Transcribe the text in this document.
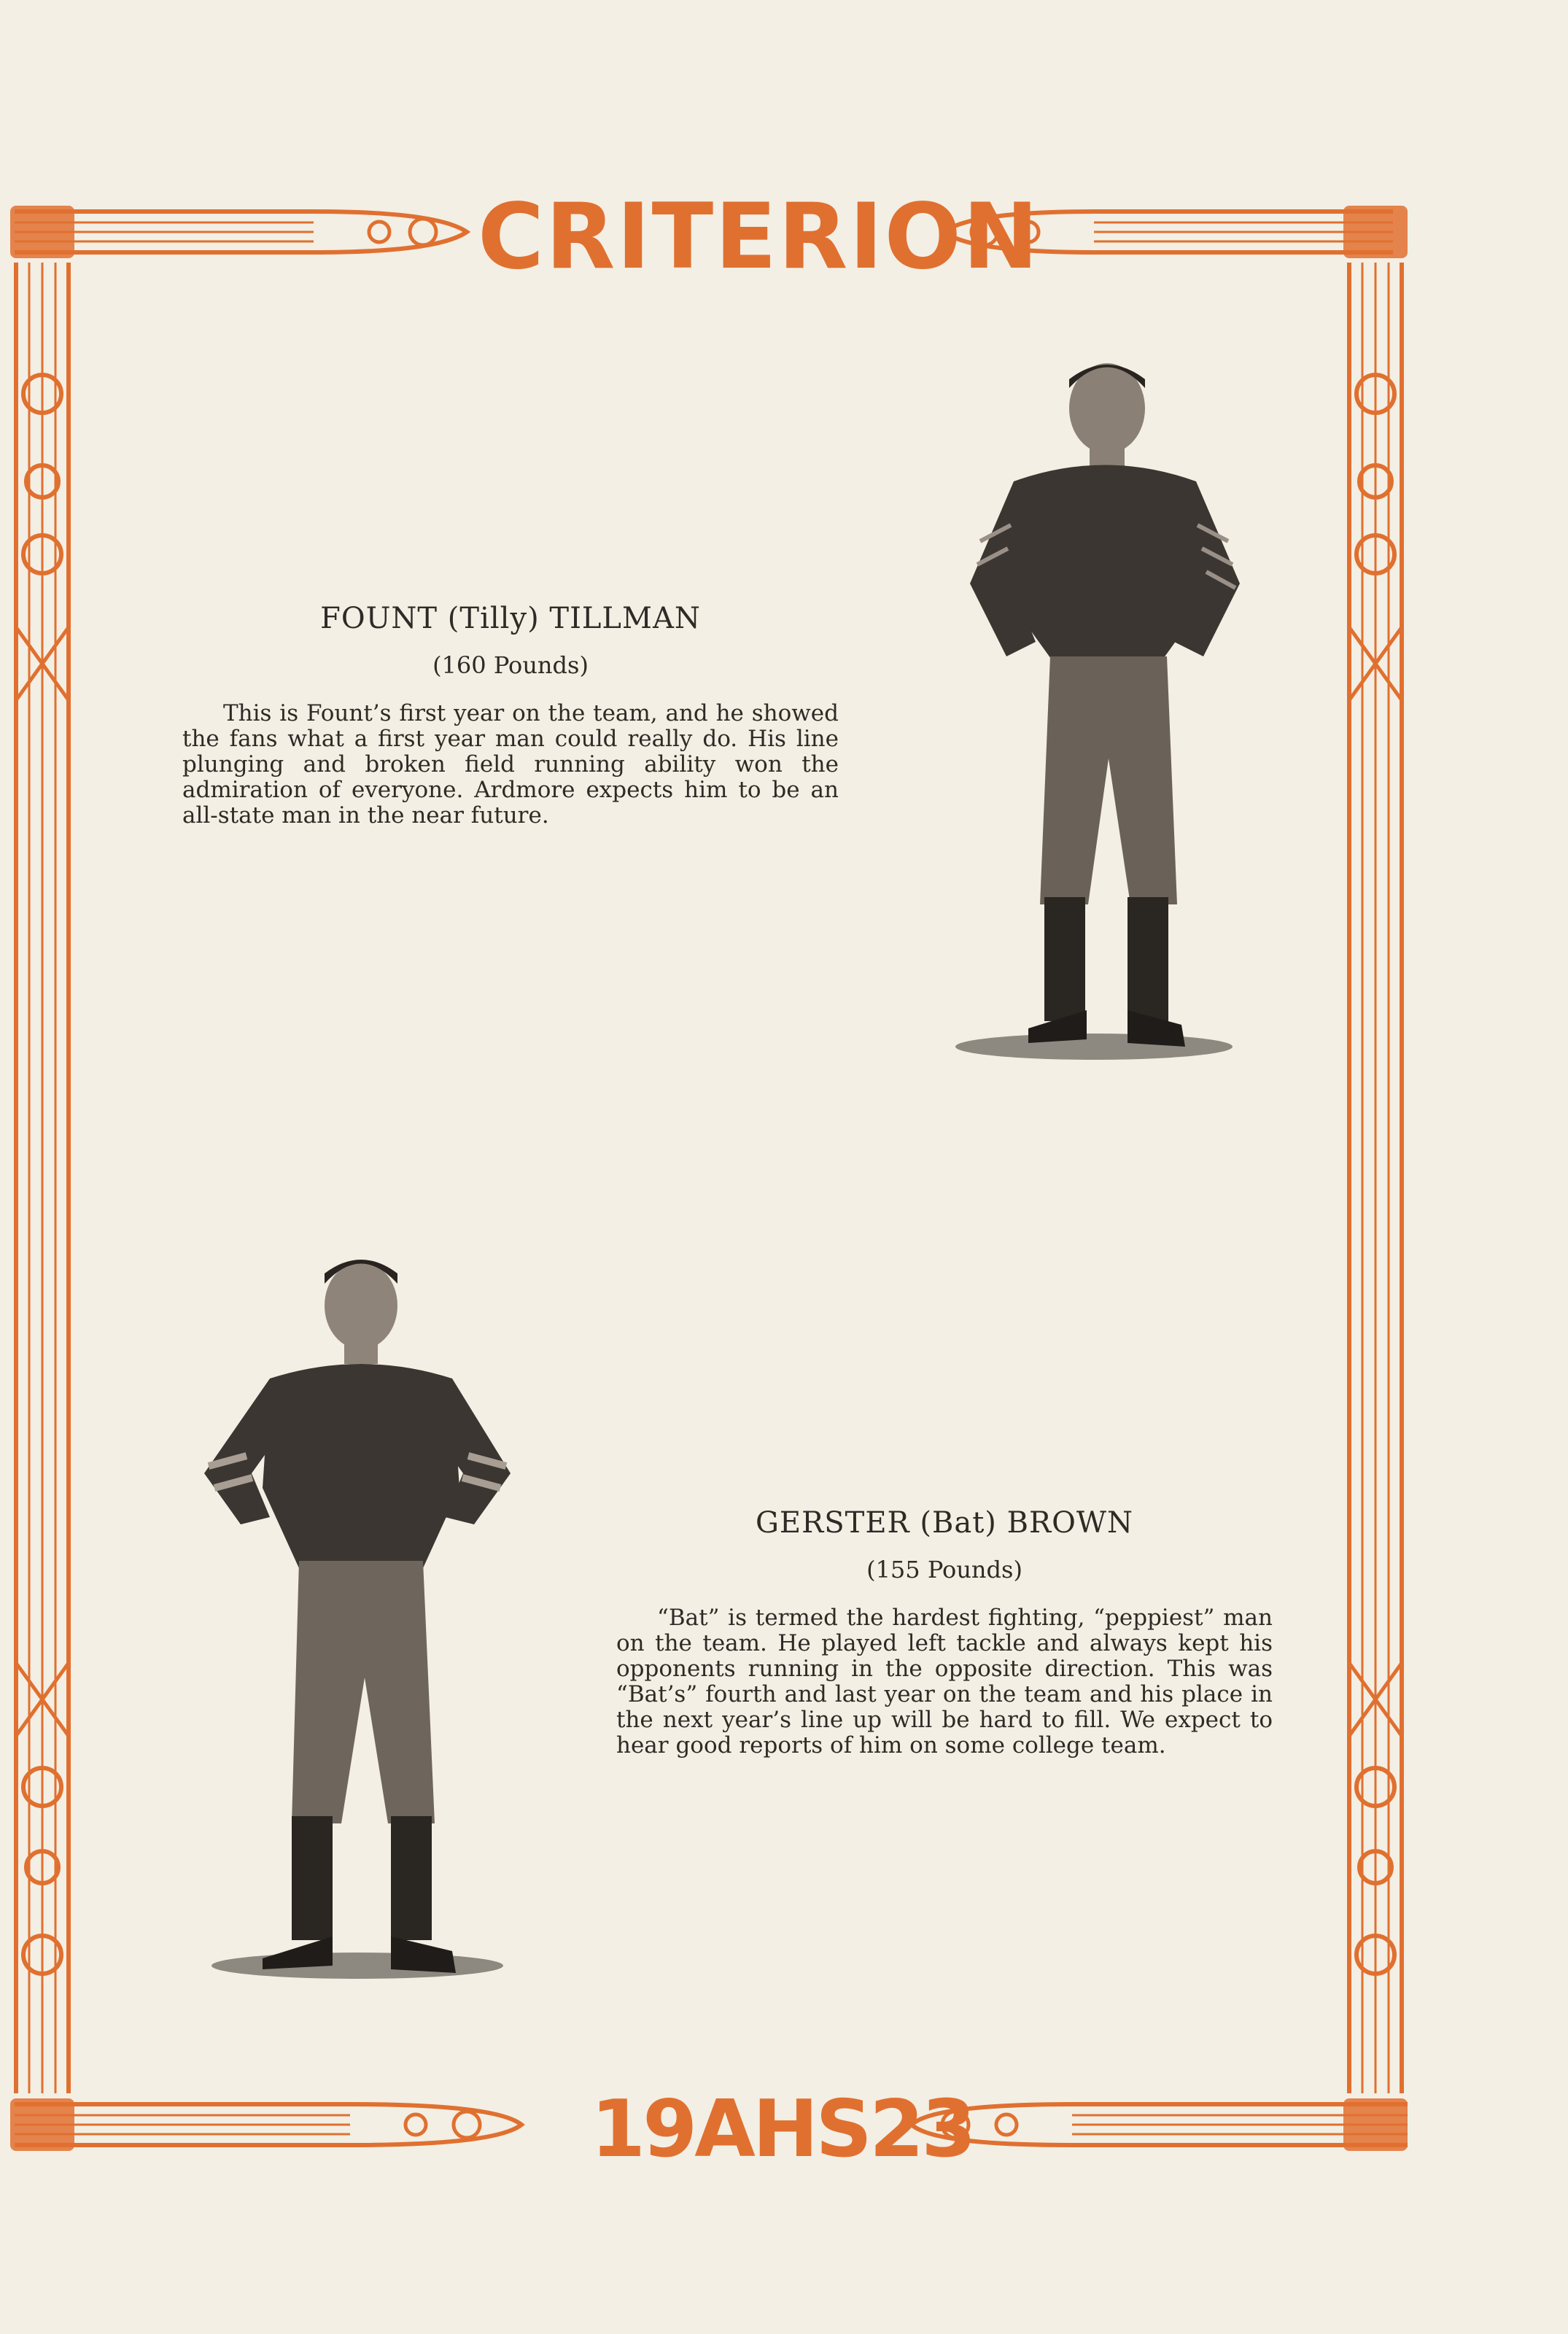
CRITERION
FOUNT (Tilly) TILLMAN
(160 Pounds)

This is Fount’s first year on the team, and he showed the fans what a first year man could really do. His line plunging and broken field running ability won the admiration of everyone. Ardmore expects him to be an all-state man in the near future.

GERSTER (Bat) BROWN
(155 Pounds)

“Bat” is termed the hardest fighting, “peppiest” man on the team. He played left tackle and always kept his opponents running in the opposite direction. This was “Bat’s” fourth and last year on the team and his place in the next year’s line up will be hard to fill. We expect to hear good reports of him on some college team.

19AHS23
